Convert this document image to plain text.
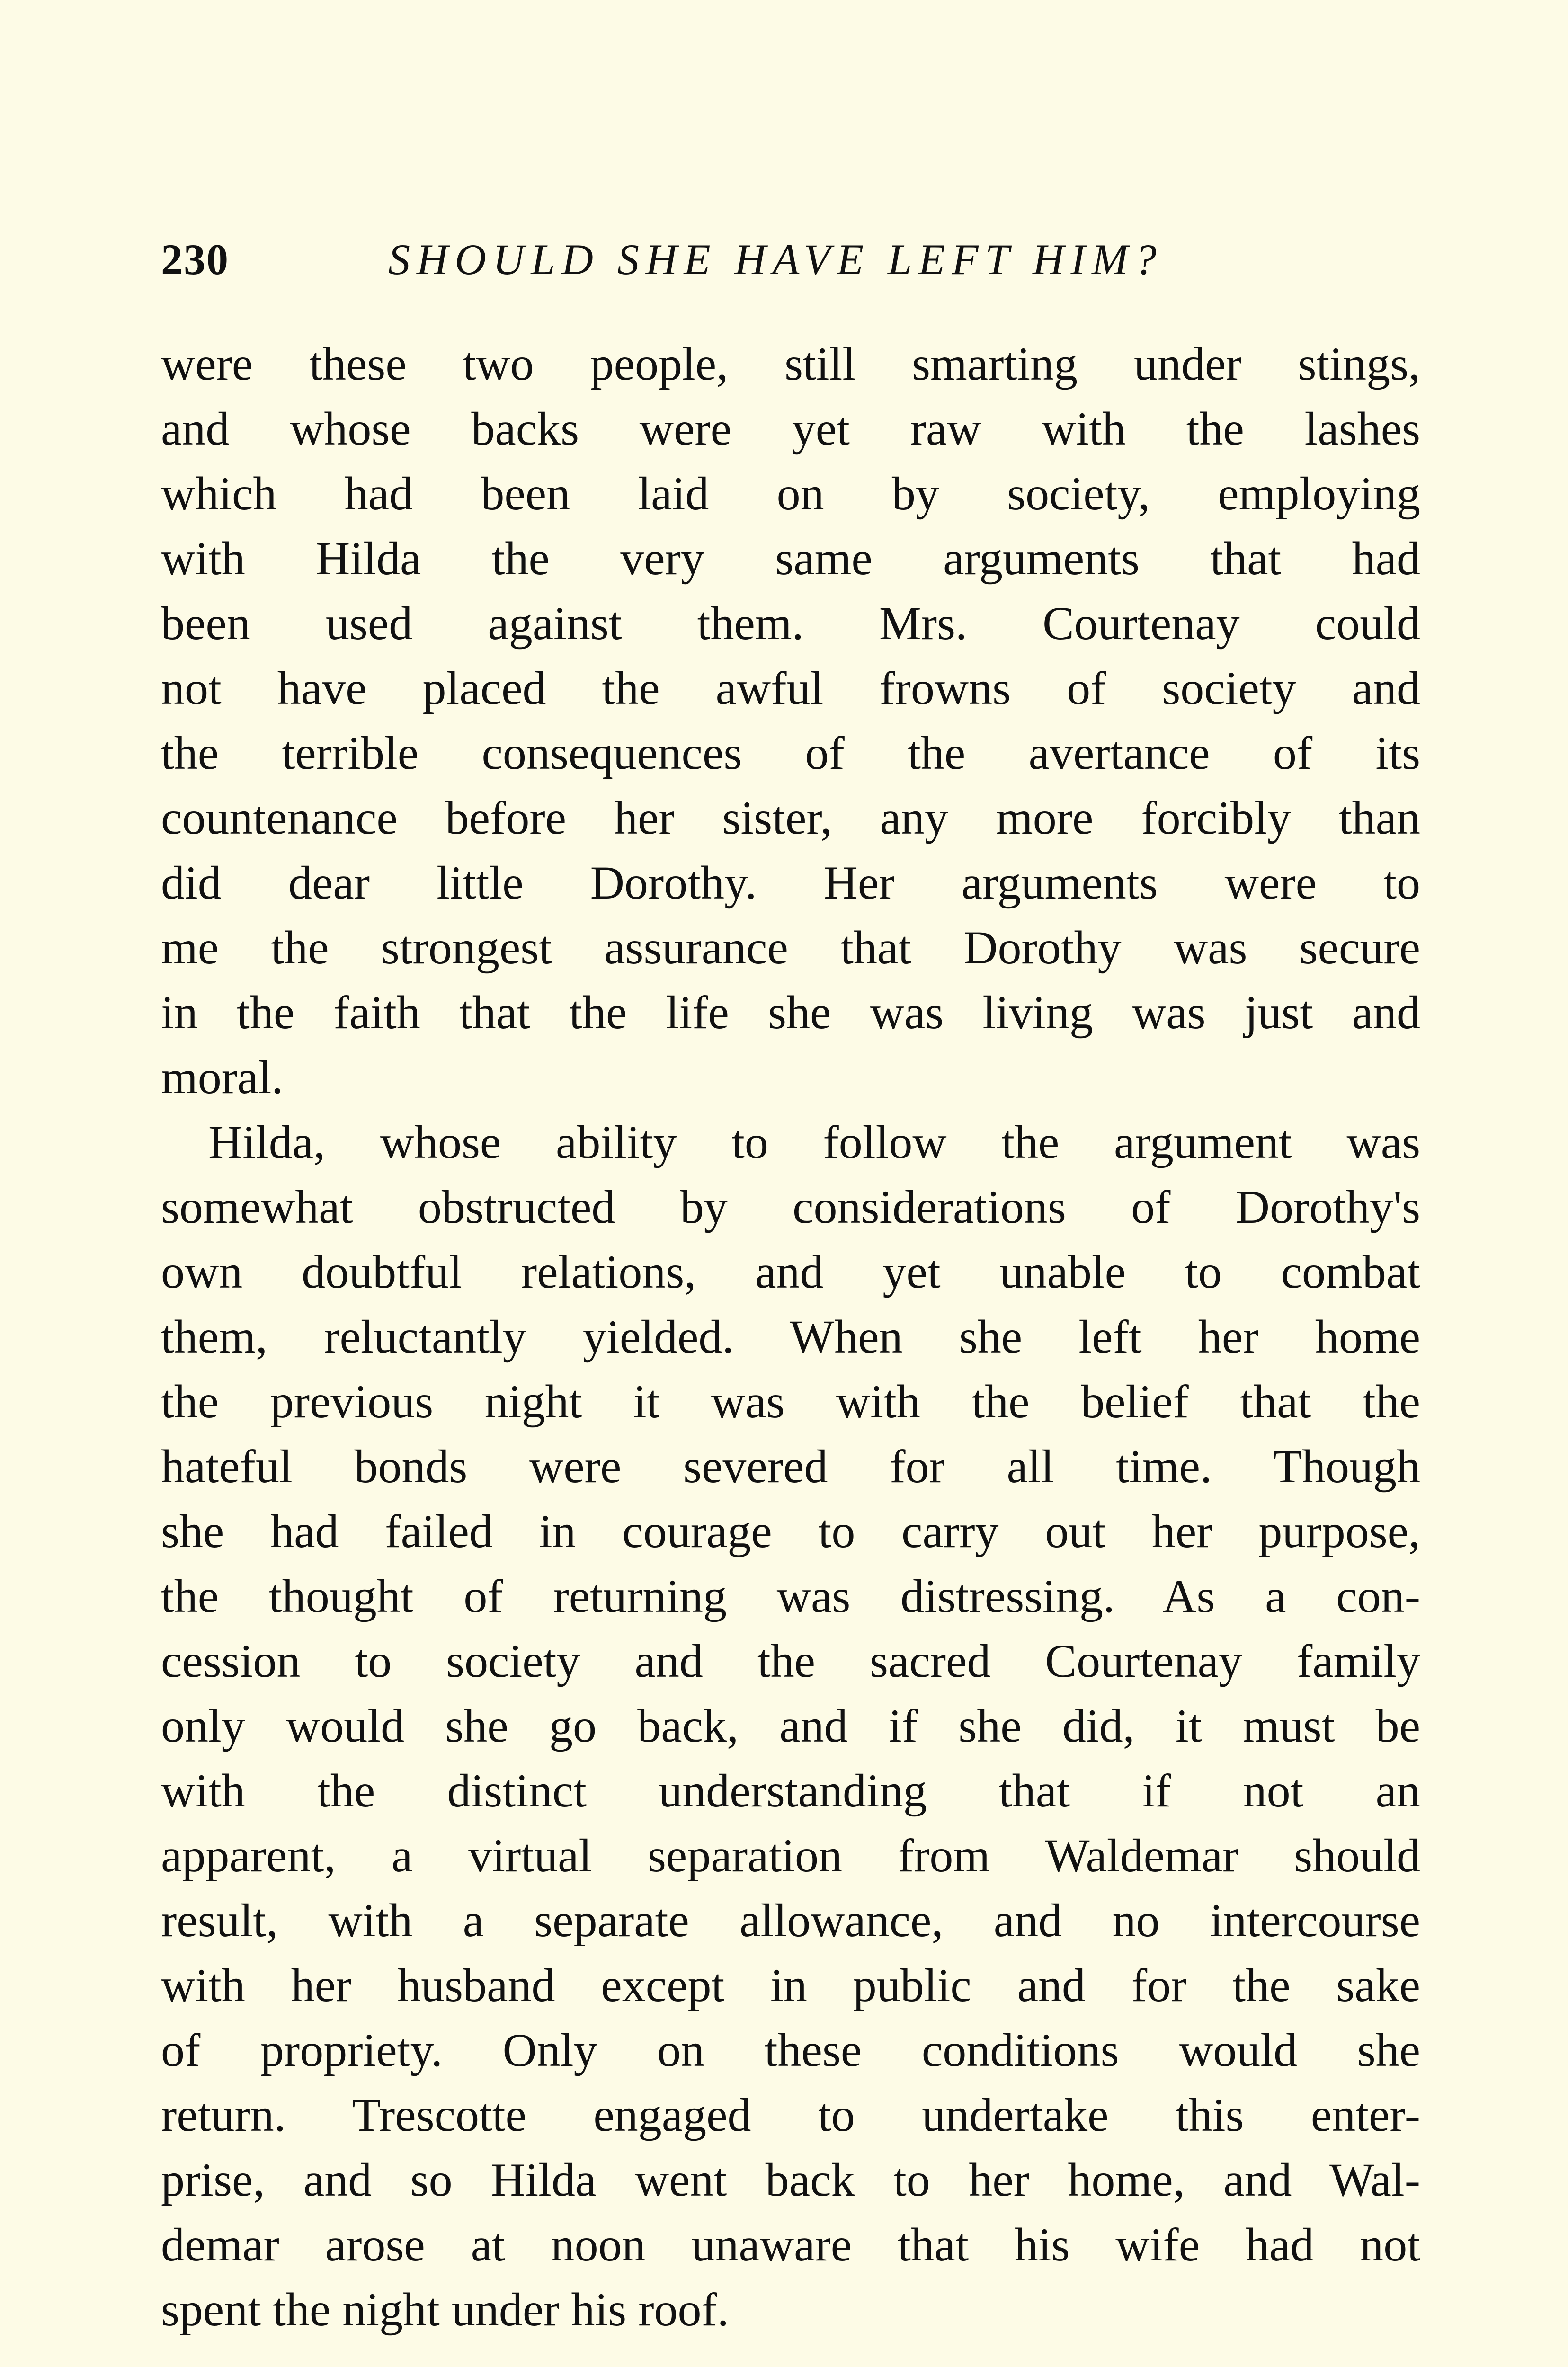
230	SHOULD SHE HAVE LEFT HIM?
were these two people, still smarting under stings,
and whose backs were yet raw with the lashes
which had been laid on by society, employing
with Hilda the very same arguments that had
been used against them. Mrs. Courtenay could
not have placed the awful frowns of society and
the terrible consequences of the avertance of its
countenance before her sister, any more forcibly than
did dear little Dorothy. Her arguments were to
me the strongest assurance that Dorothy was secure
in the faith that the life she was living was just and
moral.
Hilda, whose ability to follow the argument was
somewhat obstructed by considerations of Dorothy's
own doubtful relations, and yet unable to combat
them, reluctantly yielded. When she left her home
the previous night it was with the belief that the
hateful bonds were severed for all time. Though
she had failed in courage to carry out her purpose,
the thought of returning was distressing. As a con-
cession to society and the sacred Courtenay family
only would she go back, and if she did, it must be
with the distinct understanding that if not an
apparent, a virtual separation from Waldemar should
result, with a separate allowance, and no intercourse
with her husband except in public and for the sake
of propriety. Only on these conditions would she
return. Trescotte engaged to undertake this enter-
prise, and so Hilda went back to her home, and Wal-
demar arose at noon unaware that his wife had not
spent the night under his roof.
